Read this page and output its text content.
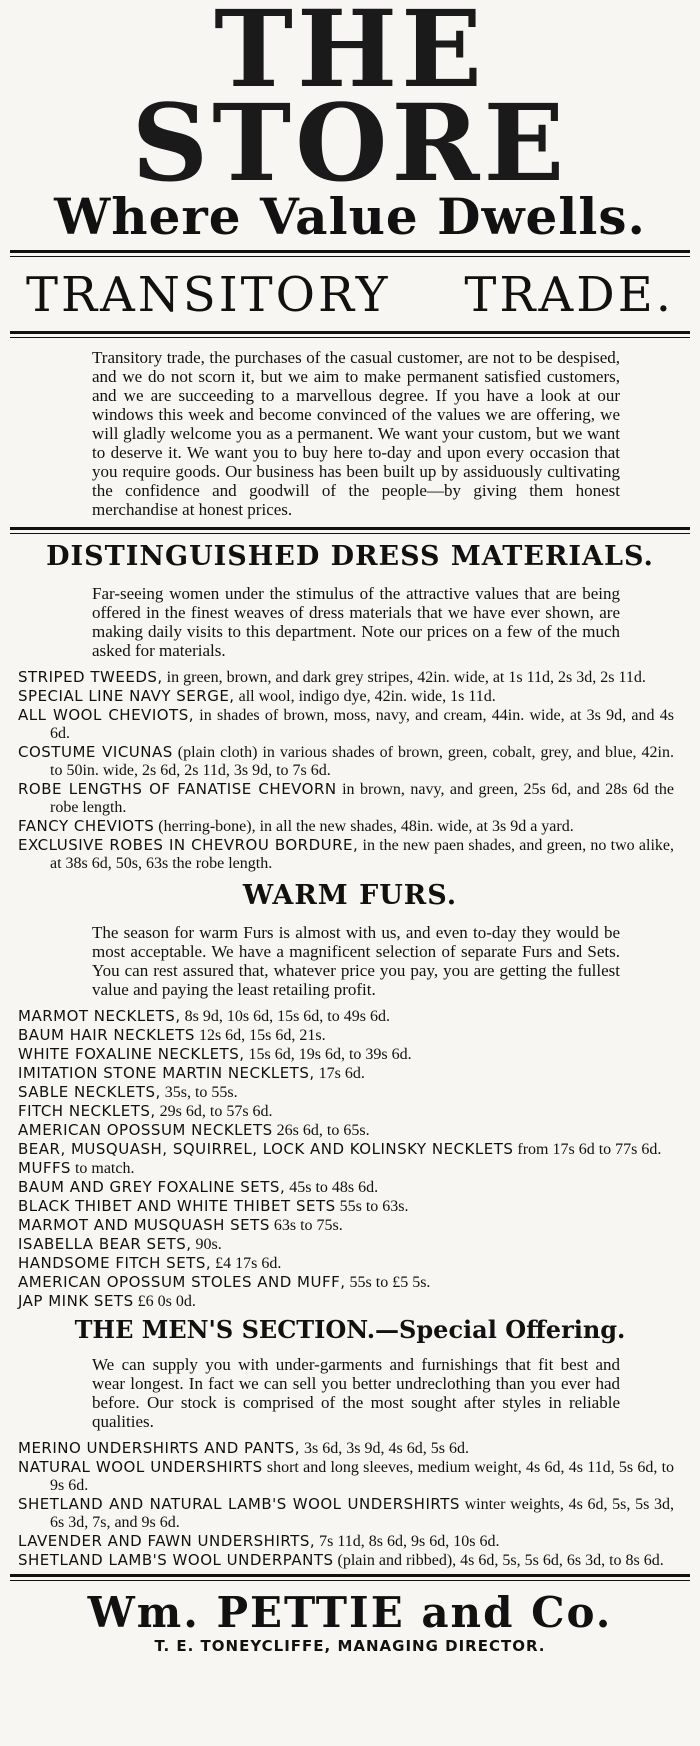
THE STORE
Where Value Dwells.
TRANSITORY TRADE.

Transitory trade, the purchases of the casual customer, are not to be despised, and we do not scorn it, but we aim to make permanent satisfied customers, and we are succeeding to a marvellous degree. If you have a look at our windows this week and become convinced of the values we are offering, we will gladly welcome you as a permanent. We want your custom, but we want to deserve it. We want you to buy here to-day and upon every occasion that you require goods. Our business has been built up by assiduously cultivating the confidence and goodwill of the people—by giving them honest merchandise at honest prices.

DISTINGUISHED DRESS MATERIALS.

Far-seeing women under the stimulus of the attractive values that are being offered in the finest weaves of dress materials that we have ever shown, are making daily visits to this department. Note our prices on a few of the much asked for materials.

STRIPED TWEEDS, in green, brown, and dark grey stripes, 42in. wide, at 1s 11d, 2s 3d, 2s 11d.

SPECIAL LINE NAVY SERGE, all wool, indigo dye, 42in. wide, 1s 11d.

ALL WOOL CHEVIOTS, in shades of brown, moss, navy, and cream, 44in. wide, at 3s 9d, and 4s 6d.

COSTUME VICUNAS (plain cloth) in various shades of brown, green, cobalt, grey, and blue, 42in. to 50in. wide, 2s 6d, 2s 11d, 3s 9d, to 7s 6d.

ROBE LENGTHS OF FANATISE CHEVORN in brown, navy, and green, 25s 6d, and 28s 6d the robe length.

FANCY CHEVIOTS (herring-bone), in all the new shades, 48in. wide, at 3s 9d a yard.

EXCLUSIVE ROBES IN CHEVROU BORDURE, in the new paen shades, and green, no two alike, at 38s 6d, 50s, 63s the robe length.

WARM FURS.

The season for warm Furs is almost with us, and even to-day they would be most acceptable. We have a magnificent selection of separate Furs and Sets. You can rest assured that, whatever price you pay, you are getting the fullest value and paying the least retailing profit.

MARMOT NECKLETS, 8s 9d, 10s 6d, 15s 6d, to 49s 6d.

BAUM HAIR NECKLETS 12s 6d, 15s 6d, 21s.

WHITE FOXALINE NECKLETS, 15s 6d, 19s 6d, to 39s 6d.

IMITATION STONE MARTIN NECKLETS, 17s 6d.

SABLE NECKLETS, 35s, to 55s.

FITCH NECKLETS, 29s 6d, to 57s 6d.

AMERICAN OPOSSUM NECKLETS 26s 6d, to 65s.

BEAR, MUSQUASH, SQUIRREL, LOCK AND KOLINSKY NECKLETS from 17s 6d to 77s 6d.

MUFFS to match.

BAUM AND GREY FOXALINE SETS, 45s to 48s 6d.

BLACK THIBET AND WHITE THIBET SETS 55s to 63s.

MARMOT AND MUSQUASH SETS 63s to 75s.

ISABELLA BEAR SETS, 90s.

HANDSOME FITCH SETS, £4 17s 6d.

AMERICAN OPOSSUM STOLES AND MUFF, 55s to £5 5s.

JAP MINK SETS £6 0s 0d.

THE MEN'S SECTION.—Special Offering.

We can supply you with under-garments and furnishings that fit best and wear longest. In fact we can sell you better undreclothing than you ever had before. Our stock is comprised of the most sought after styles in reliable qualities.

MERINO UNDERSHIRTS AND PANTS, 3s 6d, 3s 9d, 4s 6d, 5s 6d.

NATURAL WOOL UNDERSHIRTS short and long sleeves, medium weight, 4s 6d, 4s 11d, 5s 6d, to 9s 6d.

SHETLAND AND NATURAL LAMB'S WOOL UNDERSHIRTS winter weights, 4s 6d, 5s, 5s 3d, 6s 3d, 7s, and 9s 6d.

LAVENDER AND FAWN UNDERSHIRTS, 7s 11d, 8s 6d, 9s 6d, 10s 6d.

SHETLAND LAMB'S WOOL UNDERPANTS (plain and ribbed), 4s 6d, 5s, 5s 6d, 6s 3d, to 8s 6d.

Wm. PETTIE and Co.

T. E. TONEYCLIFFE, MANAGING DIRECTOR.
